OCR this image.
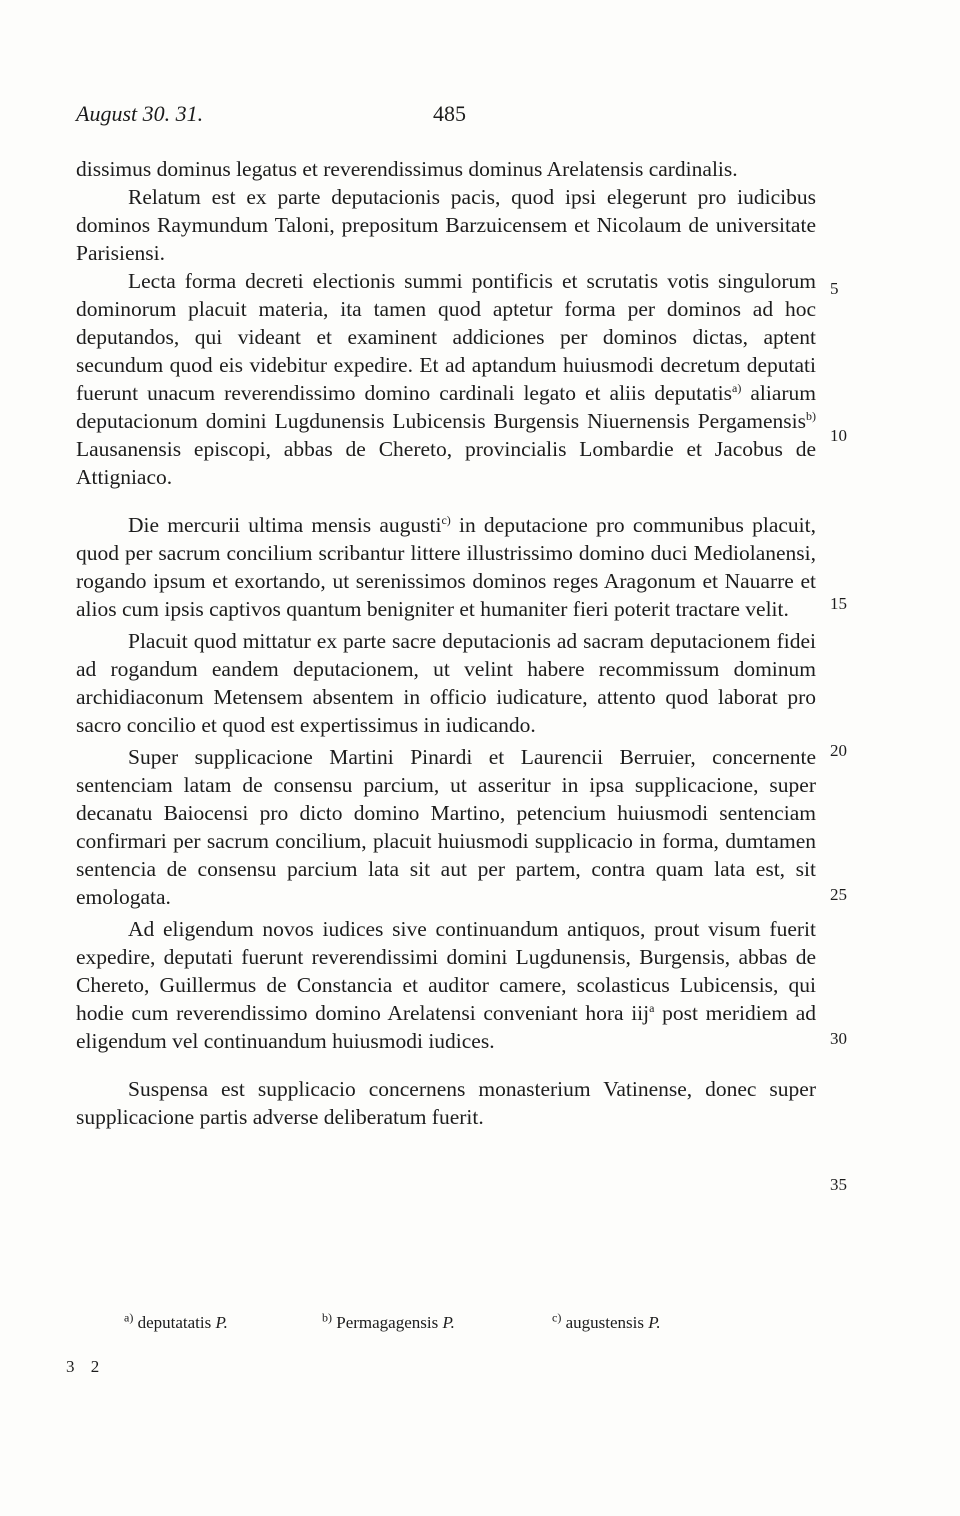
August 30. 31.	485

dissimus dominus legatus et reverendissimus dominus Arelatensis cardinalis.

Relatum est ex parte deputacionis pacis, quod ipsi elegerunt pro iudicibus dominos Raymundum Taloni, prepositum Barzuicensem et Nicolaum de universitate Parisiensi.

Lecta forma decreti electionis summi pontificis et scrutatis votis singulorum dominorum placuit materia, ita tamen quod aptetur forma per dominos ad hoc deputandos, qui videant et examinent addiciones per dominos dictas, aptent secundum quod eis videbitur expedire. Et ad aptandum huiusmodi decretum deputati fuerunt unacum reverendissimo domino cardinali legato et aliis deputatis$^{a)}$ aliarum deputacionum domini Lugdunensis Lubicensis Burgensis Niuernensis Pergamensis$^{b)}$ Lausanensis episcopi, abbas de Chereto, provincialis Lombardie et Jacobus de Attigniaco.

Die mercurii ultima mensis augusti$^{c)}$ in deputacione pro communibus placuit, quod per sacrum concilium scribantur littere illustrissimo domino duci Mediolanensi, rogando ipsum et exortando, ut serenissimos dominos reges Aragonum et Nauarre et alios cum ipsis captivos quantum benigniter et humaniter fieri poterit tractare velit.

Placuit quod mittatur ex parte sacre deputacionis ad sacram deputacionem fidei ad rogandum eandem deputacionem, ut velint habere recommissum dominum archidiaconum Metensem absentem in officio iudicature, attento quod laborat pro sacro concilio et quod est expertissimus in iudicando.

Super supplicacione Martini Pinardi et Laurencii Berruier, concernente sentenciam latam de consensu parcium, ut asseritur in ipsa supplicacione, super decanatu Baiocensi pro dicto domino Martino, petencium huiusmodi sentenciam confirmari per sacrum concilium, placuit huiusmodi supplicacio in forma, dumtamen sentencia de consensu parcium lata sit aut per partem, contra quam lata est, sit emologata.

Ad eligendum novos iudices sive continuandum antiquos, prout visum fuerit expedire, deputati fuerunt reverendissimi domini Lugdunensis, Burgensis, abbas de Chereto, Guillermus de Constancia et auditor camere, scolasticus Lubicensis, qui hodie cum reverendissimo domino Arelatensi conveniant hora iij$^a$ post meridiem ad eligendum vel continuandum huiusmodi iudices.

Suspensa est supplicacio concernens monasterium Vatinense, donec super supplicacione partis adverse deliberatum fuerit.

5
10
15
20
25
30
35
$^{a)}$ deputatatis P.	$^{b)}$ Permagagensis P.	$^{c)}$ augustensis P.
3 2
